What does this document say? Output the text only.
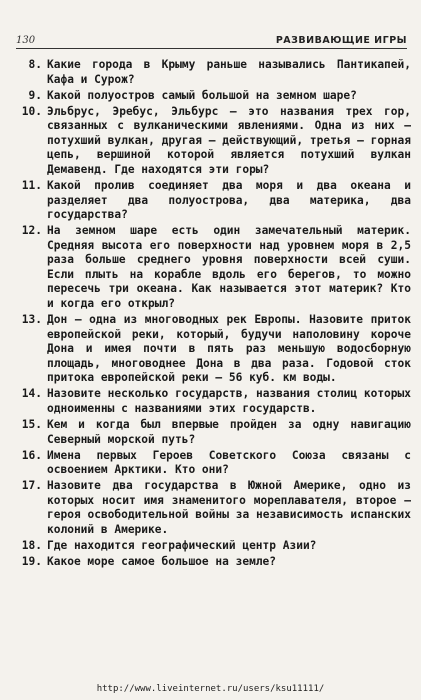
130	РАЗВИВАЮЩИЕ ИГРЫ
8. Какие города в Крыму раньше назывались Пантикапей, Кафа и Сурож?
9. Какой полуостров самый большой на земном шаре?
10. Эльбрус, Эребус, Эльбурс — это названия трех гор, связанных с вулканическими явлениями. Одна из них — потухший вулкан, другая — действующий, третья — горная цепь, вершиной которой является потухший вулкан Демавенд. Где находятся эти горы?
11. Какой пролив соединяет два моря и два океана и разделяет два полуострова, два материка, два государства?
12. На земном шаре есть один замечательный материк. Средняя высота его поверхности над уровнем моря в 2,5 раза больше среднего уровня поверхности всей суши. Если плыть на корабле вдоль его берегов, то можно пересечь три океана. Как называется этот материк? Кто и когда его открыл?
13. Дон — одна из многоводных рек Европы. Назовите приток европейской реки, который, будучи наполовину короче Дона и имея почти в пять раз меньшую водосборную площадь, многоводнее Дона в два раза. Годовой сток притока европейской реки — 56 куб. км воды.
14. Назовите несколько государств, названия столиц которых одноименны с названиями этих государств.
15. Кем и когда был впервые пройден за одну навигацию Северный морской путь?
16. Имена первых Героев Советского Союза связаны с освоением Арктики. Кто они?
17. Назовите два государства в Южной Америке, одно из которых носит имя знаменитого мореплавателя, второе — героя освободительной войны за независимость испанских колоний в Америке.
18. Где находится географический центр Азии?
19. Какое море самое большое на земле?
http://www.liveinternet.ru/users/ksu11111/
